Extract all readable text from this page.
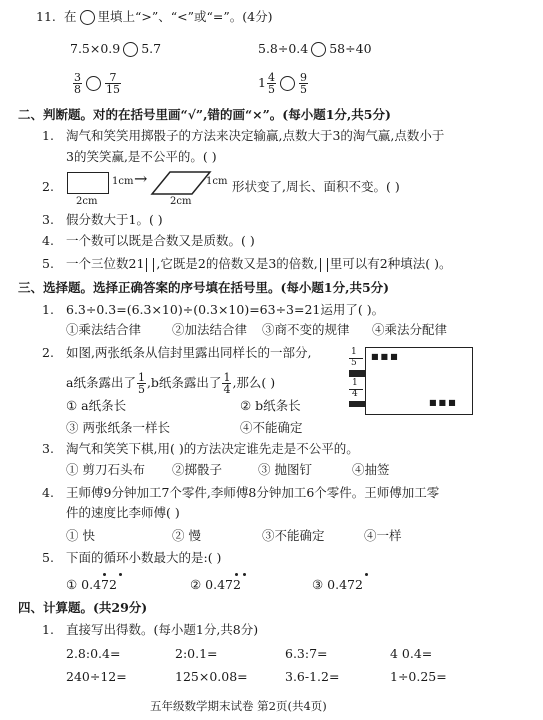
11. 在 里填上“>”、“<”或“=”。(4分)
7.5×0.9 5.7	5.8÷0.4 58÷40
$\frac{3}{8} \frac{7}{15}$	$1 \frac{4}{5} \frac{9}{5}$
二、判断题。对的在括号里画“√”,错的画“×”。(每小题1分,共5分)
1. 淘气和笑笑用掷骰子的方法来决定输赢,点数大于3的淘气赢,点数小于
3的笑笑赢,是不公平的。( )
2.	1cm →	1cm 形状变了,周长、面积不变。( )
2cm	2cm
3. 假分数大于1。( )
4. 一个数可以既是合数又是质数。( )
5. 一个三位数21 ,它既是2的倍数又是3的倍数, 里可以有2种填法( )。
三、选择题。选择正确答案的序号填在括号里。(每小题1分,共5分)
1. 6.3÷0.3=(6.3×10)÷(0.3×10)=63÷3=21运用了( )。
①乘法结合律 ②加法结合律 ③商不变的规律 ④乘法分配律
2. 如图,两张纸条从信封里露出同样长的一部分,
a纸条露出了 $\frac{1}{5} ,b$纸条露出了 $\frac{1}{4}$ ,那么( )
1
5
1
4
■■■
■■■
① a纸条长	② b纸条长
③ 两张纸条一样长	④不能确定
3. 淘气和笑笑下棋,用( )的方法决定谁先走是不公平的。
① 剪刀石头布 ②掷骰子	③ 抛图钉	④抽签
4. 王师傅9分钟加工7个零件,李师傅8分钟加工6个零件。王师傅加工零
件的速度比李师傅( )
① 快	② 慢	③不能确定	④一样
5. 下面的循环小数最大的是:( )
① 0.472	② 0.472	③ 0.472
四、计算题。(共29分)
1. 直接写出得数。(每小题1分,共8分)
2.8:0.4=	2:0.1=	6.3:7=	4 0.4=
240÷12=	125×0.08=	3.6-1.2=	1÷0.25=
五年级数学期末试卷 第2页(共4页)
